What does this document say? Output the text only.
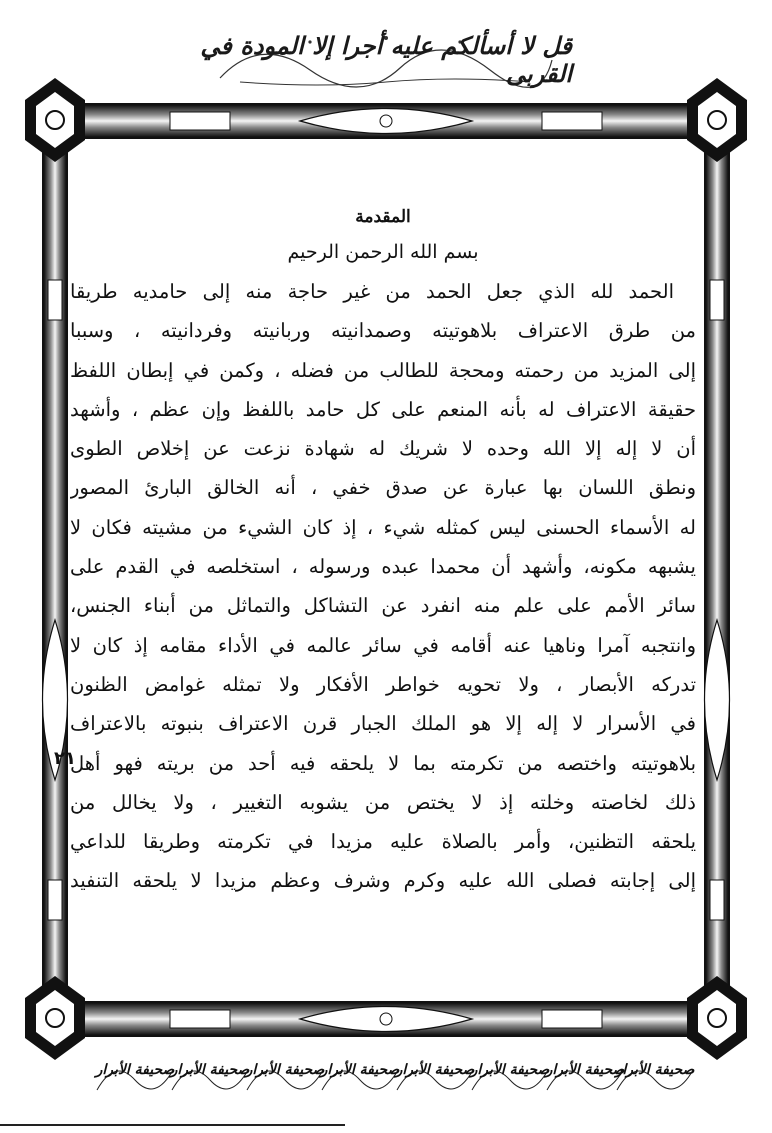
قل لا أسألكم عليه أجرا إلا المودة في القربى
٢١

المقدمة

بسم الله الرحمن الرحيم

الحمد لله الذي جعل الحمد من غير حاجة منه إلى حامديه طريقا

من طرق الاعتراف بلاهوتيته وصمدانيته وربانيته وفردانيته ، وسببا

إلى المزيد من رحمته ومحجة للطالب من فضله ، وكمن في إبطان اللفظ

حقيقة الاعتراف له بأنه المنعم على كل حامد باللفظ وإن عظم ، وأشهد

أن لا إله إلا الله وحده لا شريك له شهادة نزعت عن إخلاص الطوى

ونطق اللسان بها عبارة عن صدق خفي ، أنه الخالق البارئ المصور

له الأسماء الحسنى ليس كمثله شيء ، إذ كان الشيء من مشيته فكان لا

يشبهه مكونه، وأشهد أن محمدا عبده ورسوله ، استخلصه في القدم على

سائر الأمم على علم منه انفرد عن التشاكل والتماثل من أبناء الجنس،

وانتجبه آمرا وناهيا عنه أقامه في سائر عالمه في الأداء مقامه إذ كان لا

تدركه الأبصار ، ولا تحويه خواطر الأفكار ولا تمثله غوامض الظنون

في الأسرار لا إله إلا هو الملك الجبار قرن الاعتراف بنبوته بالاعتراف

بلاهوتيته واختصه من تكرمته بما لا يلحقه فيه أحد من بريته فهو أهل

ذلك لخاصته وخلته إذ لا يختص من يشوبه التغيير ، ولا يخالل من

يلحقه التظنين، وأمر بالصلاة عليه مزيدا في تكرمته وطريقا للداعي

إلى إجابته فصلى الله عليه وكرم وشرف وعظم مزيدا لا يلحقه التنفيد

صحيفة الأبرار
صحيفة الأبرار
صحيفة الأبرار
صحيفة الأبرار
صحيفة الأبرار
صحيفة الأبرار
صحيفة الأبرار
صحيفة الأبرار
